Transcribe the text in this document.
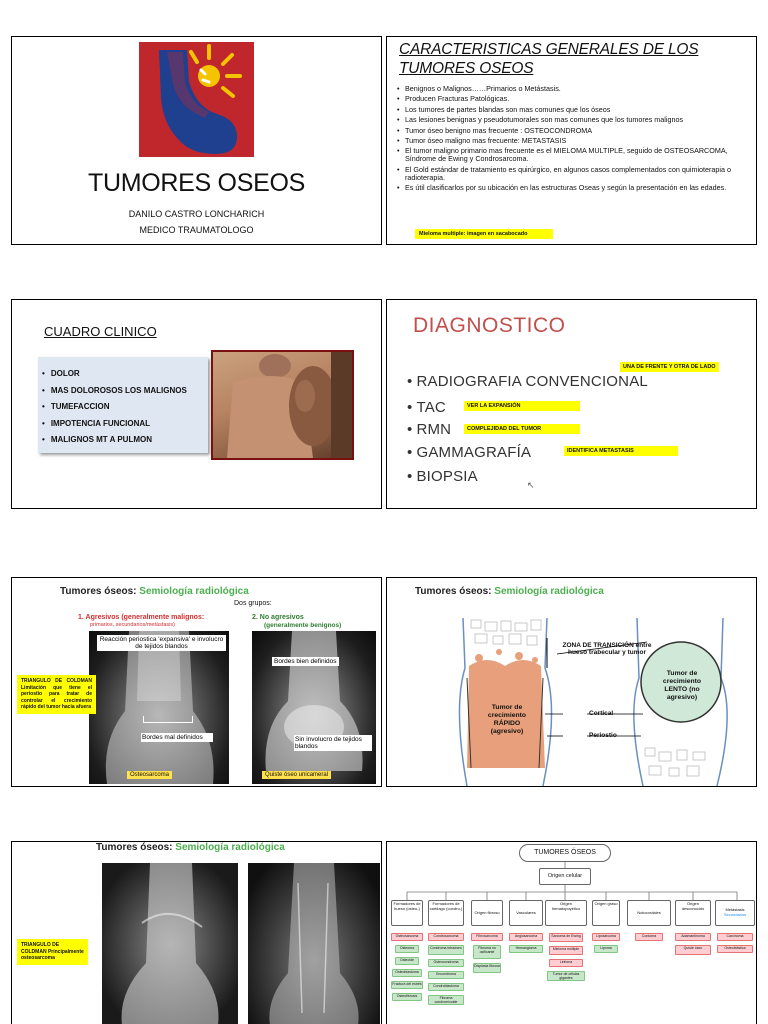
TUMORES OSEOS
DANILO CASTRO LONCHARICH
MEDICO TRAUMATOLOGO
CARACTERISTICAS GENERALES DE LOS
TUMORES OSEOS
• Benignos o Malignos……Primarios o Metástasis.
• Producen Fracturas Patológicas.
• Los tumores de partes blandas son mas comunes que los óseos
• Las lesiones benignas y pseudotumorales son mas comunes que los tumores malignos
• Tumor óseo benigno mas frecuente : OSTEOCONDROMA
• Tumor óseo maligno mas frecuente: METASTASIS
• El tumor maligno primario mas frecuente es el MIELOMA MULTIPLE, seguido de OSTEOSARCOMA, Síndrome de Ewing y Condrosarcoma.
• El Gold estándar de tratamiento es quirúrgico, en algunos casos complementados con quimioterapia o radioterapia.
• Es útil clasificarlos por su ubicación en las estructuras Oseas y según la presentación en las edades.
Mieloma multiple: imagen en sacabocado
CUADRO CLINICO
• DOLOR
• MAS DOLOROSOS LOS MALIGNOS
• TUMEFACCION
• IMPOTENCIA FUNCIONAL
• MALIGNOS MT A PULMON
DIAGNOSTICO
UNA DE FRENTE Y OTRA DE LADO
• RADIOGRAFIA CONVENCIONAL
• TAC	VER LA EXPANSIÓN
• RMN	COMPLEJIDAD DEL TUMOR
• GAMMAGRAFÍA	IDENTIFICA METASTASIS
• BIOPSIA	↖
Tumores óseos: Semiología radiológica
Dos grupos:
1. Agresivos (generalmente malignos:
primarios, secundarios/metástasis)
2. No agresivos
(generalmente benignos)
Reacción periostica 'expansiva' e involucro de tejidos blandos
Bordes mal definidos
Osteosarcoma
Bordes bien definidos
Sin involucro de tejidos blandos
Quiste óseo unicameral
TRIANGULO DE COLDMAN Limitación que tiene el periostio para tratar de controlar el crecimiento rápido del tumor hacia afuera
Tumores óseos: Semiología radiológica
ZONA DE TRANSICIÓN entre hueso trabecular y tumor
Tumor de crecimiento RÁPIDO (agresivo)
Tumor de crecimiento LENTO (no agresivo)
Cortical
Periostio
Tumores óseos: Semiología radiológica
TRIANGULO DE COLDMAN Principalmente osteosarcoma
TUMORES ÓSEOS
Origen celular
Formadores de hueso (osteo-)
Formadores de cartílago (condro-)
Origen fibroso	Vasculares
Origen hematopoyético
Origen graso
Notocordales
Origen desconocido	Metástasis
Secundarios
Osteosarcoma
Osteoma
Osteoide
Osteoblastoma
Fractura del estrés
Osteofibrosis
Condrosarcoma
Condroma intraóseo
Osteocondroma
Encondroma
Condroblastoma
Fibroma condromixoide
Fibrosarcoma
Fibroma no osificante
Displasia fibrosa
Angiosarcoma
Hemangioma
Sarcoma de Ewing
Mieloma múltiple
Linfoma
Tumor de células gigantes
Liposarcoma
Lipoma
Cordoma	Adamantinoma
Quiste óseo
Carcinoma
Osteoblástica
